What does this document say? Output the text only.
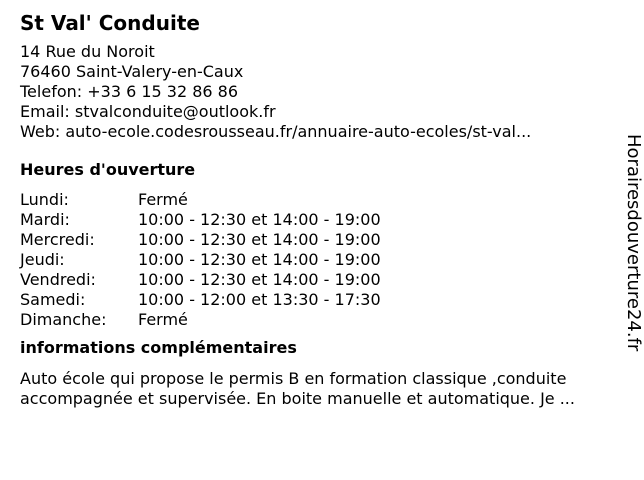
St Val' Conduite
14 Rue du Noroit
76460 Saint-Valery-en-Caux
Telefon: +33 6 15 32 86 86
Email: stvalconduite@outlook.fr
Web: auto-ecole.codesrousseau.fr/annuaire-auto-ecoles/st-val...
Heures d'ouverture
Lundi:	Fermé
Mardi:	10:00 - 12:30 et 14:00 - 19:00
Mercredi:	10:00 - 12:30 et 14:00 - 19:00
Jeudi:	10:00 - 12:30 et 14:00 - 19:00
Vendredi:	10:00 - 12:30 et 14:00 - 19:00
Samedi:	10:00 - 12:00 et 13:30 - 17:30
Dimanche:	Fermé
informations complémentaires
Auto école qui propose le permis B en formation classique ,conduite
accompagnée et supervisée. En boite manuelle et automatique. Je ...
Horairesdouverture24.fr
